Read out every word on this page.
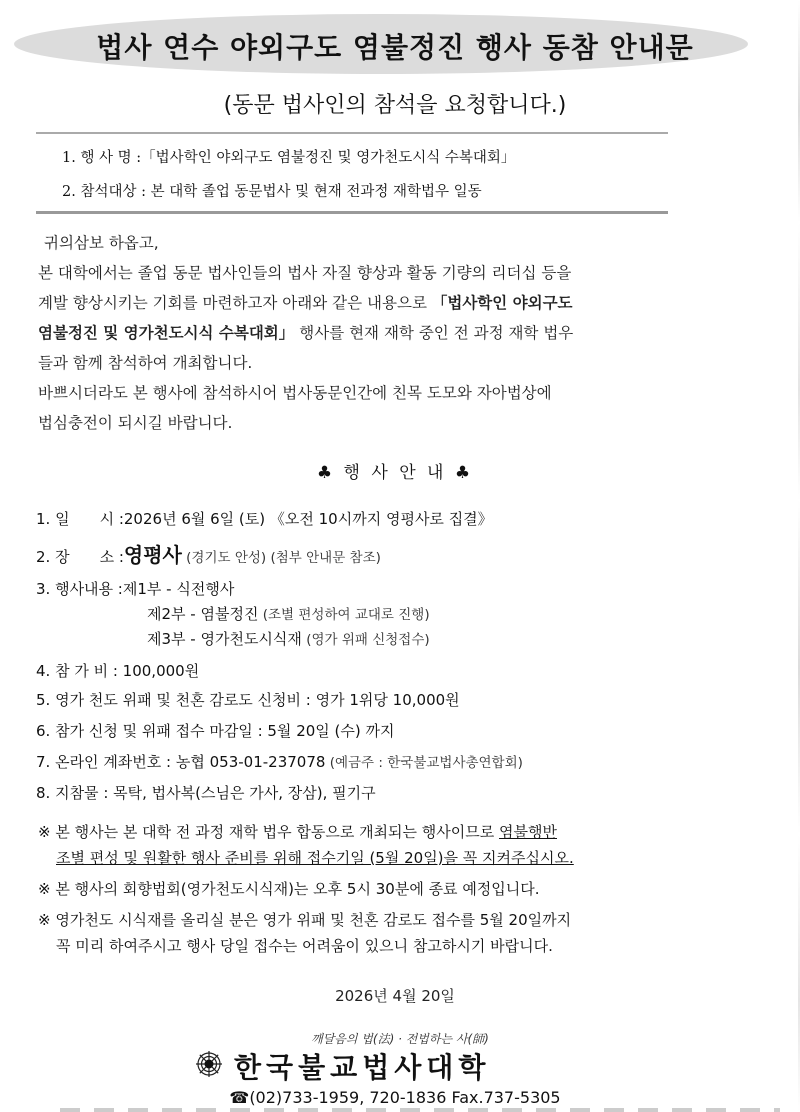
법사 연수 야외구도 염불정진 행사 동참 안내문
(동문 법사인의 참석을 요청합니다.)
1. 행 사 명 :「법사학인 야외구도 염불정진 및 영가천도시식 수복대회」
2. 참석대상 : 본 대학 졸업 동문법사 및 현재 전과정 재학법우 일동
귀의삼보 하옵고,
본 대학에서는 졸업 동문 법사인들의 법사 자질 향상과 활동 기량의 리더십 등을
계발 향상시키는 기회를 마련하고자 아래와 같은 내용으로 「법사학인 야외구도
염불정진 및 영가천도시식 수복대회」 행사를 현재 재학 중인 전 과정 재학 법우
들과 함께 참석하여 개최합니다.
바쁘시더라도 본 행사에 참석하시어 법사동문인간에 친목 도모와 자아법상에
법심충전이 되시길 바랍니다.
♣ 행 사 안 내 ♣
1. 일　　시 :2026년 6월 6일 (토) 《오전 10시까지 영평사로 집결》
2. 장　　소 :영평사 (경기도 안성) (첨부 안내문 참조)
3. 행사내용 :제1부 - 식전행사
제2부 - 염불정진 (조별 편성하여 교대로 진행)
제3부 - 영가천도시식재 (영가 위패 신청접수)
4. 참 가 비 : 100,000원
5. 영가 천도 위패 및 천혼 감로도 신청비 : 영가 1위당 10,000원
6. 참가 신청 및 위패 접수 마감일 : 5월 20일 (수) 까지
7. 온라인 계좌번호 : 농협 053-01-237078 (예금주 : 한국불교법사총연합회)
8. 지참물 : 목탁, 법사복(스님은 가사, 장삼), 필기구
※ 본 행사는 본 대학 전 과정 재학 법우 합동으로 개최되는 행사이므로 염불행반
조별 편성 및 원활한 행사 준비를 위해 접수기일 (5월 20일)을 꼭 지켜주십시오.
※ 본 행사의 회향법회(영가천도시식재)는 오후 5시 30분에 종료 예정입니다.
※ 영가천도 시식재를 올리실 분은 영가 위패 및 천혼 감로도 접수를 5월 20일까지
꼭 미리 하여주시고 행사 당일 접수는 어려움이 있으니 참고하시기 바랍니다.
2026년 4월 20일
깨달음의 법(法) · 전법하는 사(師)
한국불교법사대학
☎(02)733-1959, 720-1836 Fax.737-5305
